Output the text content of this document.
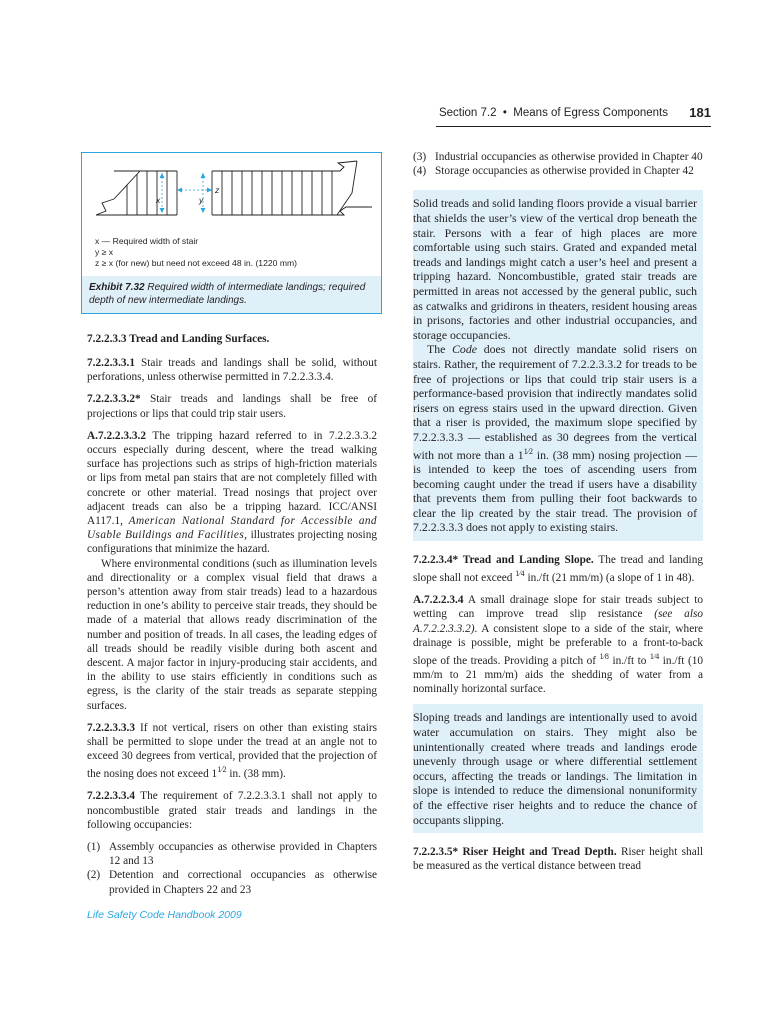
Section 7.2 • Means of Egress Components 181
z
x	y
x — Required width of stair
y ≥ x
z ≥ x (for new) but need not exceed 48 in. (1220 mm)
Exhibit 7.32 Required width of intermediate landings; required depth of new intermediate landings.
7.2.2.3.3 Tread and Landing Surfaces.

7.2.2.3.3.1 Stair treads and landings shall be solid, without perforations, unless otherwise permitted in 7.2.2.3.3.4.

7.2.2.3.3.2* Stair treads and landings shall be free of projections or lips that could trip stair users.

A.7.2.2.3.3.2 The tripping hazard referred to in 7.2.2.3.3.2 occurs especially during descent, where the tread walking surface has projections such as strips of high-friction materials or lips from metal pan stairs that are not completely filled with concrete or other material. Tread nosings that project over adjacent treads can also be a tripping hazard. ICC/ANSI A117.1, American National Standard for Accessible and Usable Buildings and Facilities, illustrates projecting nosing configurations that minimize the hazard.

Where environmental conditions (such as illumination levels and directionality or a complex visual field that draws a person’s attention away from stair treads) lead to a hazardous reduction in one’s ability to perceive stair treads, they should be made of a material that allows ready discrimination of the number and position of treads. In all cases, the leading edges of all treads should be readily visible during both ascent and descent. A major factor in injury-producing stair accidents, and in the ability to use stairs efficiently in conditions such as egress, is the clarity of the stair treads as separate stepping surfaces.

7.2.2.3.3.3 If not vertical, risers on other than existing stairs shall be permitted to slope under the tread at an angle not to exceed 30 degrees from vertical, provided that the projection of the nosing does not exceed $1^{1⁄2}$ in. (38 mm).

7.2.2.3.3.4 The requirement of 7.2.2.3.3.1 shall not apply to noncombustible grated stair treads and landings in the following occupancies:

(1) Assembly occupancies as otherwise provided in Chapters 12 and 13
(2) Detention and correctional occupancies as otherwise provided in Chapters 22 and 23
(3) Industrial occupancies as otherwise provided in Chapter 40
(4) Storage occupancies as otherwise provided in Chapter 42

Solid treads and solid landing floors provide a visual barrier that shields the user’s view of the vertical drop beneath the stair. Persons with a fear of high places are more comfortable using such stairs. Grated and expanded metal treads and landings might catch a user’s heel and present a tripping hazard. Noncombustible, grated stair treads are permitted in areas not accessed by the general public, such as catwalks and gridirons in theaters, resident housing areas in prisons, factories and other industrial occupancies, and storage occupancies.

The Code does not directly mandate solid risers on stairs. Rather, the requirement of 7.2.2.3.3.2 for treads to be free of projections or lips that could trip stair users is a performance-based provision that indirectly mandates solid risers on egress stairs used in the upward direction. Given that a riser is provided, the maximum slope specified by 7.2.2.3.3.3 — established as 30 degrees from the vertical with not more than a $1^{1⁄2}$ in. (38 mm) nosing projection — is intended to keep the toes of ascending users from becoming caught under the tread if users have a disability that prevents them from pulling their foot backwards to clear the lip created by the stair tread. The provision of 7.2.2.3.3.3 does not apply to existing stairs.

7.2.2.3.4* Tread and Landing Slope. The tread and landing slope shall not exceed $^{1⁄4}$ in./ft (21 mm/m) (a slope of 1 in 48).

A.7.2.2.3.4 A small drainage slope for stair treads subject to wetting can improve tread slip resistance (see also A.7.2.2.3.3.2). A consistent slope to a side of the stair, where drainage is possible, might be preferable to a front-to-back slope of the treads. Providing a pitch of $^{1⁄8}$ in./ft to $^{1⁄4}$ in./ft (10 mm/m to 21 mm/m) aids the shedding of water from a nominally horizontal surface.

Sloping treads and landings are intentionally used to avoid water accumulation on stairs. They might also be unintentionally created where treads and landings erode unevenly through usage or where differential settlement occurs, affecting the treads or landings. The limitation in slope is intended to reduce the dimensional nonuniformity of the effective riser heights and to reduce the chance of occupants slipping.

7.2.2.3.5* Riser Height and Tread Depth. Riser height shall be measured as the vertical distance between tread

Life Safety Code Handbook 2009
